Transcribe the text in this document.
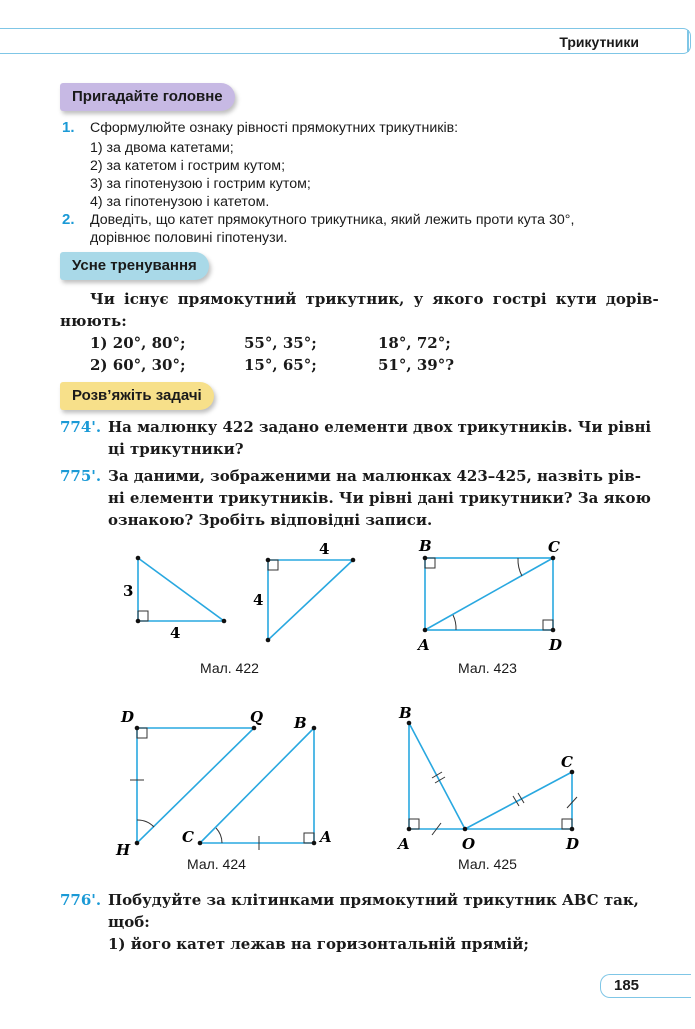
Трикутники
Пригадайте головне
1. Сформулюйте ознаку рівності прямокутних трикутників:
1) за двома катетами;
2) за катетом і гострим кутом;
3) за гіпотенузою і гострим кутом;
4) за гіпотенузою і катетом.
2. Доведіть, що катет прямокутного трикутника, який лежить проти кута 30°,
дорівнює половині гіпотенузи.
Усне тренування
Чи існує прямокутний трикутник, у якого гострі кути дорів-
нюють:
1) 20°, 80°;	55°, 35°;	18°, 72°;
2) 60°, 30°;	15°, 65°;	51°, 39°?
Розв’яжіть задачі
774'. На малюнку 422 задано елементи двох трикутників. Чи рівні
ці трикутники?
775'. За даними, зображеними на малюнках 423–425, назвіть рів-
ні елементи трикутників. Чи рівні дані трикутники? За якою
ознакою? Зробіть відповідні записи.
3
4
4
4	B	C
A	D
D	Q B
H
C	A
B
C
A	O	D
Мал. 422	Мал. 423
Мал. 424	Мал. 425
776'. Побудуйте за клітинками прямокутний трикутник ABC так,
щоб:
1) його катет лежав на горизонтальній прямій;
185
